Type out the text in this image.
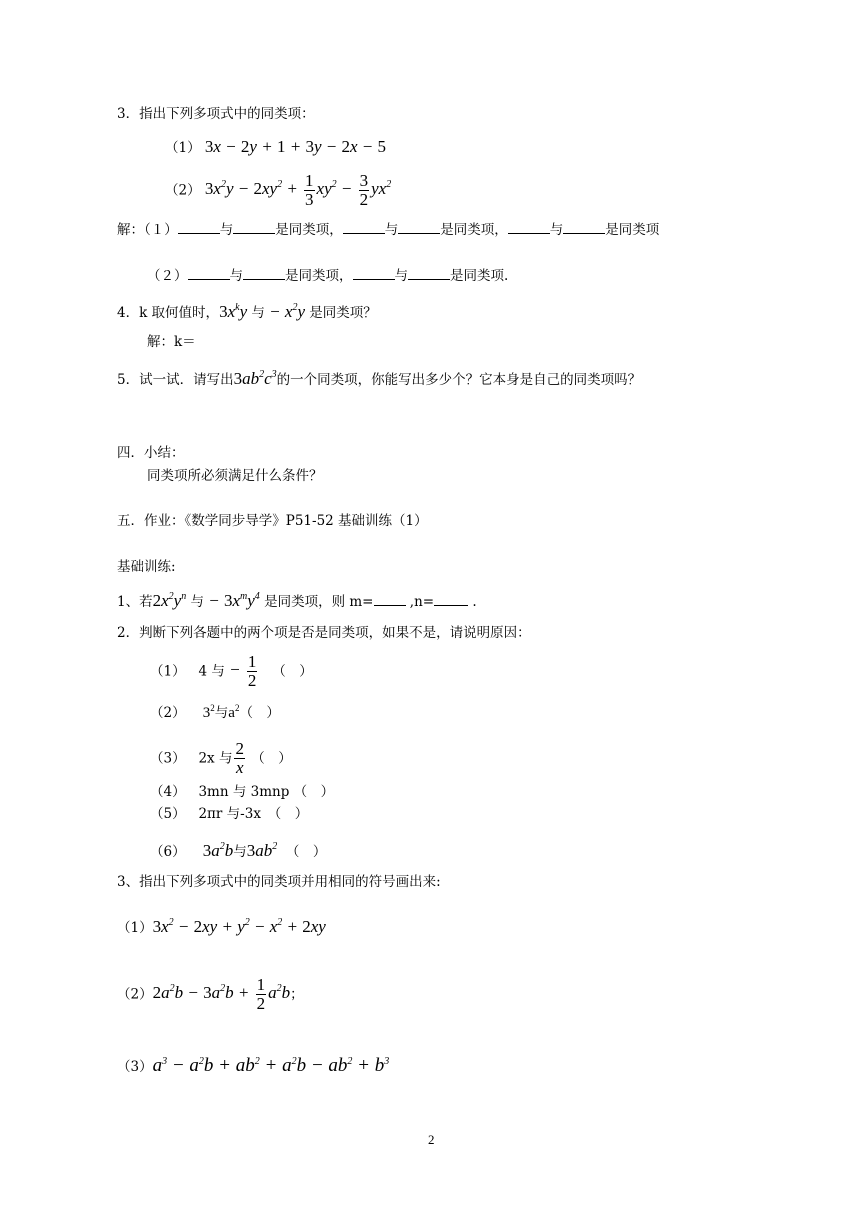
3．指出下列多项式中的同类项：
（1） 3x − 2y + 1 + 3y − 2x − 5
（2） $3x^2y - 2xy^2 + \frac{1}{3} xy^2 - \frac{3}{2} yx^2$
解：（１）	与	是同类项，	与	是同类项，	与	是同类项
（２）	与	是同类项，	与	是同类项.
4．k 取何值时，$3x^ky$ 与 − $x^2y$ 是同类项？
解：k＝
5．试一试．请写出$3ab^2c^3$的一个同类项，你能写出多少个？它本身是自己的同类项吗？
四．小结：
同类项所必须满足什么条件？
五．作业：《数学同步导学》P51-52 基础训练（1）
基础训练:
1、若$2x^2y^n$ 与 − $3x^my^4$ 是同类项，则 m=	,n=	.
2．判断下列各题中的两个项是否是同类项，如果不是，请说明原因：
（1） 4 与 − $\frac{1}{2}$ （　）
（2） $3^2$与$a^2$（　）
（3） 2x 与 $\frac{2}{x}$ （　）
（4） 3mn 与 3mnp （　）
（5） 2πr 与-3x　（　）
（6） $3a^2b$与$3ab^2$ （　）
3、指出下列多项式中的同类项并用相同的符号画出来:
$(1)3x^2 - 2xy + y^2 - x^2 + 2xy$
$(2)2a^2b - 3a^2b + \frac{1}{2} a^2b$；
$(3)a^3 - a^2b + ab^2 + a^2b - ab^2 + b^3$
2
